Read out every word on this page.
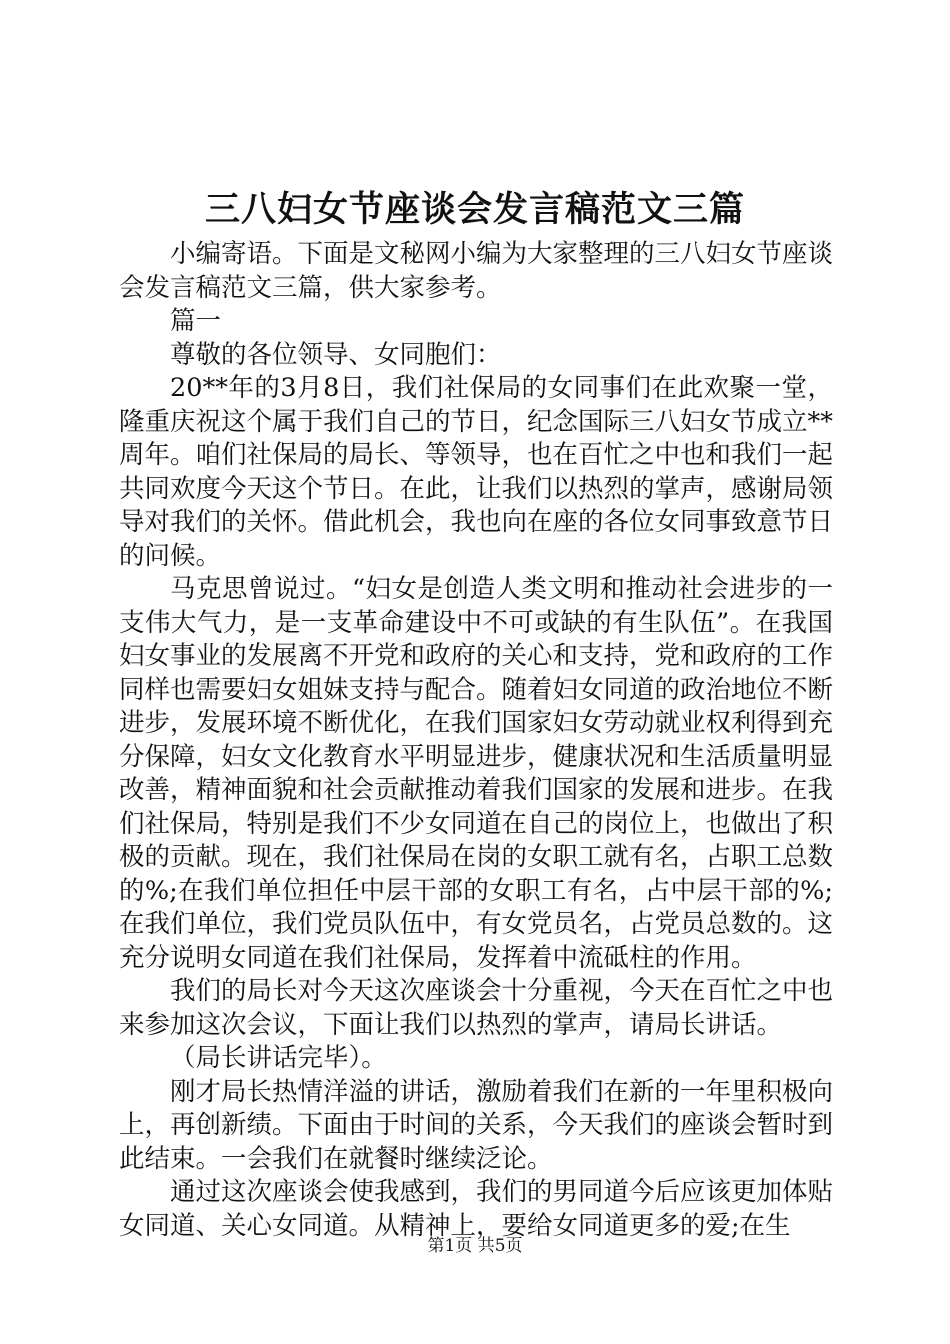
三八妇女节座谈会发言稿范文三篇

小编寄语。下面是文秘网小编为大家整理的三八妇女节座谈会发言稿范文三篇，供大家参考。

篇一

尊敬的各位领导、女同胞们：

20**年的3月8日，我们社保局的女同事们在此欢聚一堂，隆重庆祝这个属于我们自己的节日，纪念国际三八妇女节成立**周年。咱们社保局的局长、等领导，也在百忙之中也和我们一起共同欢度今天这个节日。在此，让我们以热烈的掌声，感谢局领导对我们的关怀。借此机会，我也向在座的各位女同事致意节日的问候。

马克思曾说过。“妇女是创造人类文明和推动社会进步的一支伟大气力，是一支革命建设中不可或缺的有生队伍”。在我国妇女事业的发展离不开党和政府的关心和支持，党和政府的工作同样也需要妇女姐妹支持与配合。随着妇女同道的政治地位不断进步，发展环境不断优化，在我们国家妇女劳动就业权利得到充分保障，妇女文化教育水平明显进步，健康状况和生活质量明显改善，精神面貌和社会贡献推动着我们国家的发展和进步。在我们社保局，特别是我们不少女同道在自己的岗位上，也做出了积极的贡献。现在，我们社保局在岗的女职工就有名，占职工总数的%;在我们单位担任中层干部的女职工有名，占中层干部的%;在我们单位，我们党员队伍中，有女党员名，占党员总数的。这充分说明女同道在我们社保局，发挥着中流砥柱的作用。

我们的局长对今天这次座谈会十分重视，今天在百忙之中也来参加这次会议，下面让我们以热烈的掌声，请局长讲话。

（局长讲话完毕）。

刚才局长热情洋溢的讲话，激励着我们在新的一年里积极向上，再创新绩。下面由于时间的关系，今天我们的座谈会暂时到此结束。一会我们在就餐时继续泛论。

通过这次座谈会使我感到，我们的男同道今后应该更加体贴女同道、关心女同道。从精神上，要给女同道更多的爱;在生

第1页 共5页
